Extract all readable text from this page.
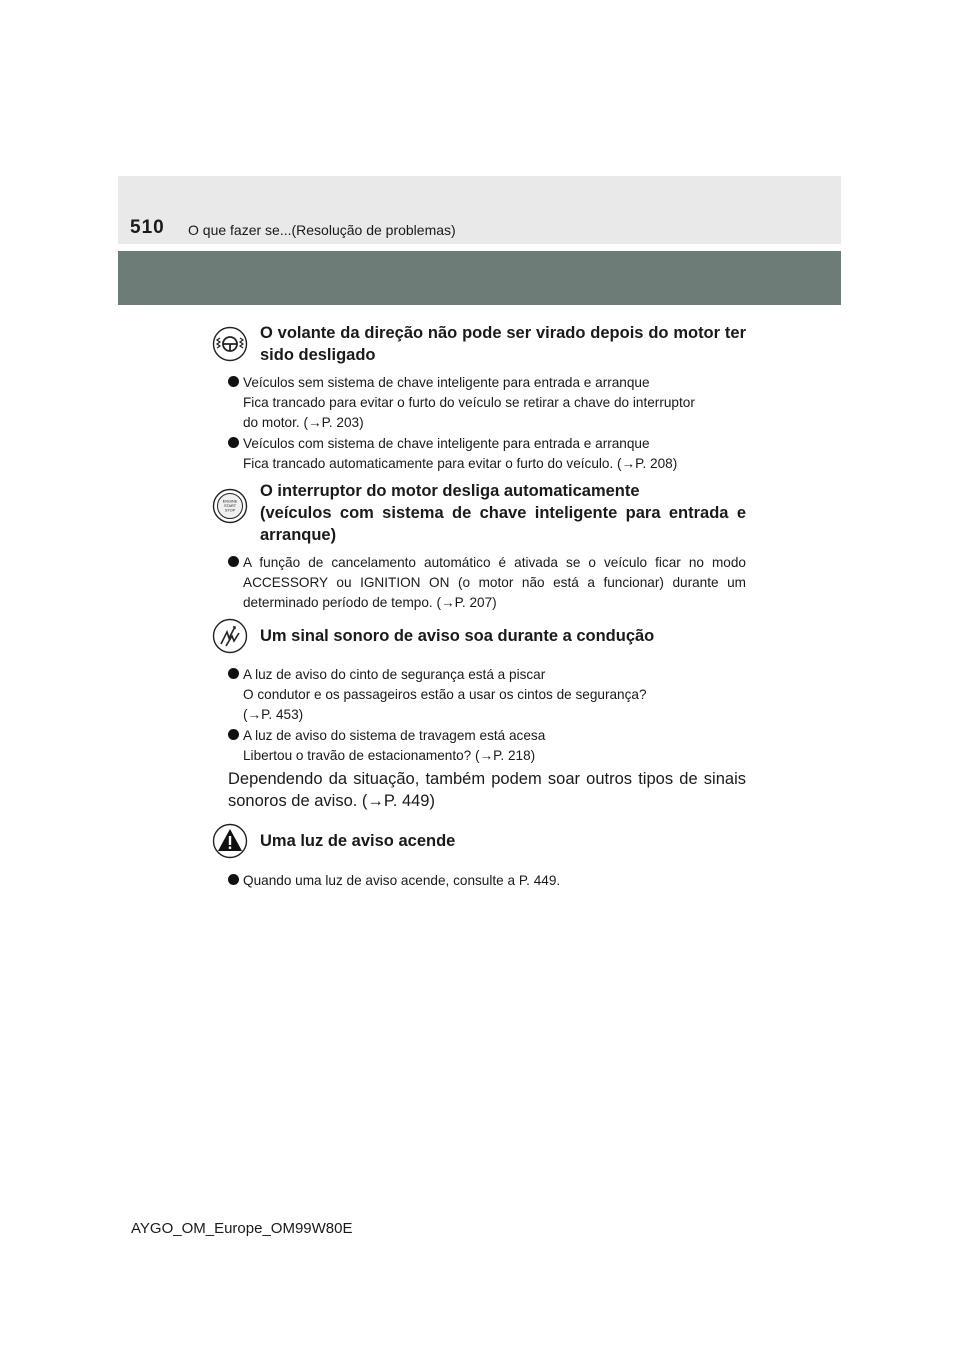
510 O que fazer se...(Resolução de problemas)
O volante da direção não pode ser virado depois do motor ter sido desligado
Veículos sem sistema de chave inteligente para entrada e arranque
Fica trancado para evitar o furto do veículo se retirar a chave do interruptor
do motor. (→P. 203)
Veículos com sistema de chave inteligente para entrada e arranque
Fica trancado automaticamente para evitar o furto do veículo. (→P. 208)
ENGINE
START
STOP
O interruptor do motor desliga automaticamente
(veículos com sistema de chave inteligente para entrada e
arranque)
A função de cancelamento automático é ativada se o veículo ficar no modo ACCESSORY ou IGNITION ON (o motor não está a funcionar) durante um determinado período de tempo. (→P. 207)
Um sinal sonoro de aviso soa durante a condução
A luz de aviso do cinto de segurança está a piscar
O condutor e os passageiros estão a usar os cintos de segurança?
(→P. 453)
A luz de aviso do sistema de travagem está acesa
Libertou o travão de estacionamento? (→P. 218)
Dependendo da situação, também podem soar outros tipos de sinais sonoros de aviso. (→P. 449)
Uma luz de aviso acende
Quando uma luz de aviso acende, consulte a P. 449.
AYGO_OM_Europe_OM99W80E
